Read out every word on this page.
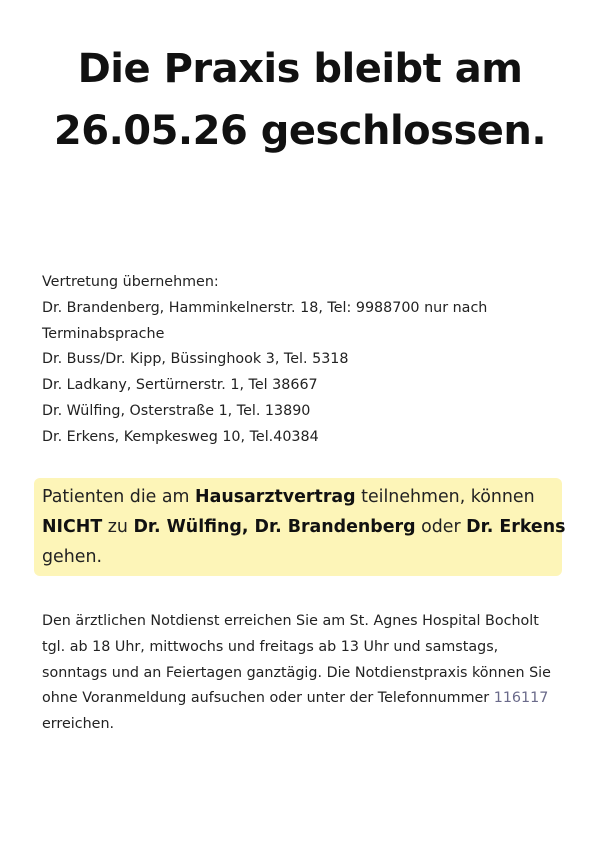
Die Praxis bleibt am
26.05.26 geschlossen.
Vertretung übernehmen:
Dr. Brandenberg, Hamminkelnerstr. 18, Tel: 9988700 nur nach
Terminabsprache
Dr. Buss/Dr. Kipp, Büssinghook 3, Tel. 5318
Dr. Ladkany, Sertürnerstr. 1, Tel 38667
Dr. Wülfing, Osterstraße 1, Tel. 13890
Dr. Erkens, Kempkesweg 10, Tel.40384
Patienten die am Hausarztvertrag teilnehmen, können
NICHT zu Dr. Wülfing, Dr. Brandenberg oder Dr. Erkens
gehen.
Den ärztlichen Notdienst erreichen Sie am St. Agnes Hospital Bocholt
tgl. ab 18 Uhr, mittwochs und freitags ab 13 Uhr und samstags,
sonntags und an Feiertagen ganztägig. Die Notdienstpraxis können Sie
ohne Voranmeldung aufsuchen oder unter der Telefonnummer 116117
erreichen.
